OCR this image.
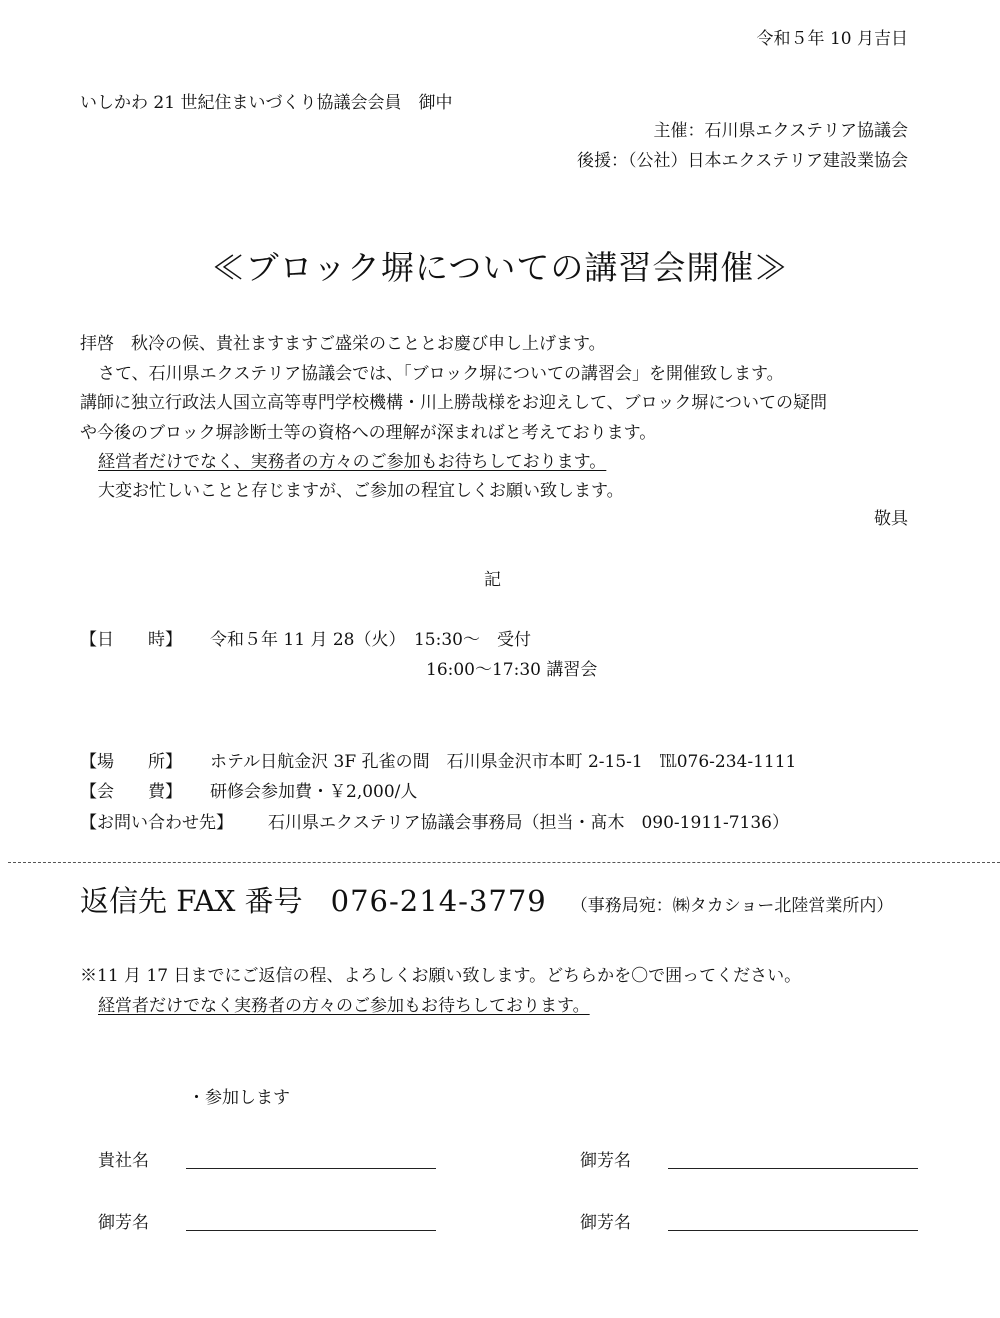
令和５年 10 月吉日
いしかわ 21 世紀住まいづくり協議会会員　御中
主催：石川県エクステリア協議会
後援：（公社）日本エクステリア建設業協会
≪ブロック塀についての講習会開催≫
拝啓　秋冷の候、貴社ますますご盛栄のこととお慶び申し上げます。
さて、石川県エクステリア協議会では、「ブロック塀についての講習会」を開催致します。
講師に独立行政法人国立高等専門学校機構・川上勝哉様をお迎えして、ブロック塀についての疑問
や今後のブロック塀診断士等の資格への理解が深まればと考えております。
経営者だけでなく、実務者の方々のご参加もお待ちしております。
大変お忙しいことと存じますが、ご参加の程宜しくお願い致します。
敬具
記
【日　　時】 令和５年 11 月 28（火）　15:30～　受付
16:00～17:30 講習会
【場　　所】 ホテル日航金沢 3F 孔雀の間　石川県金沢市本町 2-15-1　℡076-234-1111
【会　　費】 研修会参加費・￥2,000/人
【お問い合わせ先】 石川県エクステリア協議会事務局（担当・髙木　090-1911-7136）
返信先 FAX 番号 076-214-3779 （事務局宛：㈱タカショー北陸営業所内）
※11 月 17 日までにご返信の程、よろしくお願い致します。どちらかを〇で囲ってください。
経営者だけでなく実務者の方々のご参加もお待ちしております。
・参加します
貴社名	御芳名
御芳名	御芳名
